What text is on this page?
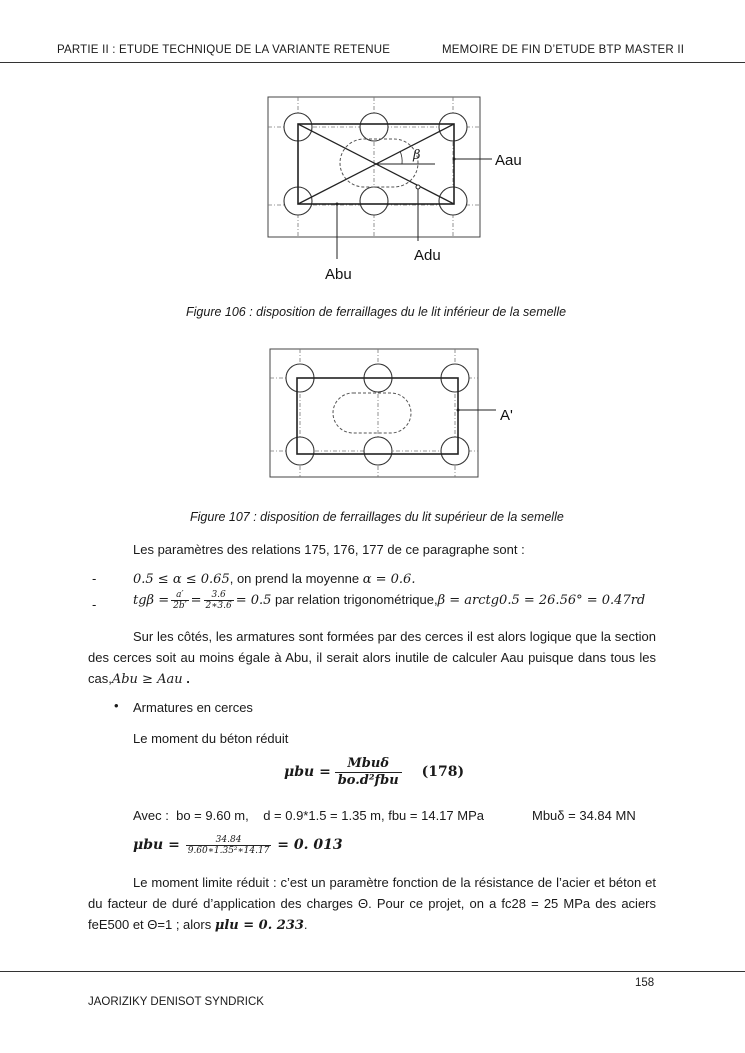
PARTIE II : ETUDE TECHNIQUE DE LA VARIANTE RETENUE	MEMOIRE DE FIN D’ETUDE BTP MASTER II
β	Aau
Adu
Abu
Figure 106 : disposition de ferraillages du le lit inférieur de la semelle
A'
Figure 107 : disposition de ferraillages du lit supérieur de la semelle
Les paramètres des relations 175, 176, 177 de ce paragraphe sont :
-	0.5 ≤ α ≤ 0.65, on prend la moyenne α = 0.6.
-	$tg\beta = \frac{a'}{2b'} = \frac{3.6}{2∗3.6} = 0.5$ par relation trigonométrique,β = arctg0.5 = 26.56° = 0.47rd
Sur les côtés, les armatures sont formées par des cerces il est alors logique que la section des cerces soit au moins égale à Abu, il serait alors inutile de calculer Aau puisque dans tous les cas,Abu ≥ Aau .
• Armatures en cerces
Le moment du béton réduit
$\mu bu = \frac{\text{Mbuδ}}{\text{bo.d²fbu}} (178)$
Avec :  bo = 9.60 m,    d = 0.9*1.5 = 1.35 m, fbu = 14.17 MPa	Mbuδ = 34.84 MN
$\mu bu = \frac{34.84}{\text{9.60∗1.35²∗14.17}} = 0$. 013
Le moment limite réduit : c’est un paramètre fonction de la résistance de l’acier et béton et du facteur de duré d’application des charges Θ. Pour ce projet, on a fc28 = 25 MPa des aciers feE500 et Θ=1 ; alors μlu = 0. 233.
158
JAORIZIKY DENISOT SYNDRICK
